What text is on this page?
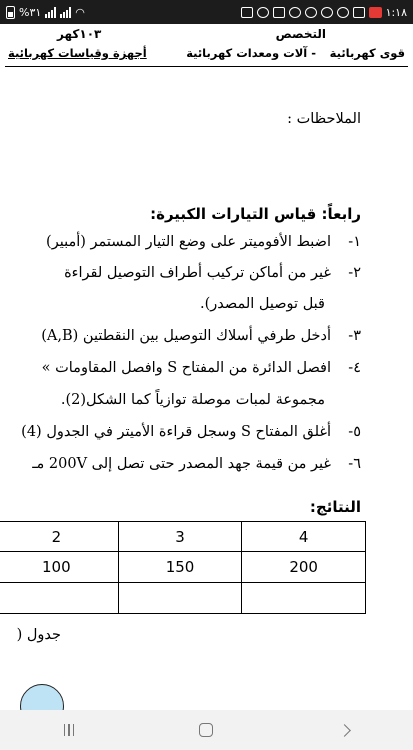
%٣١	◠	١:١٨
التخصص
١٠٣كهر
قوى كهربائية
- آلات ومعدات كهربائية
أجهزة وقياسات كهربائية
الملاحظات :
رابعاً: قياس التيارات الكبيرة:
١-اضبط الأفوميتر على وضع التيار المستمر (أمبير)
٢-غير من أماكن تركيب أطراف التوصيل لقراءة
قبل توصيل المصدر).
٣-أدخل طرفي أسلاك التوصيل بين النقطتين (A,B)
٤-افصل الدائرة من المفتاح S وافصل المقاومات »
مجموعة لمبات موصلة توازياً كما الشكل(2).
٥-أغلق المفتاح S وسجل قراءة الأميتر في الجدول (4)
٦-غير من قيمة جهد المصدر حتى تصل إلى 200V مـ
النتائج:
4	3	2
200	150	100

جدول (
